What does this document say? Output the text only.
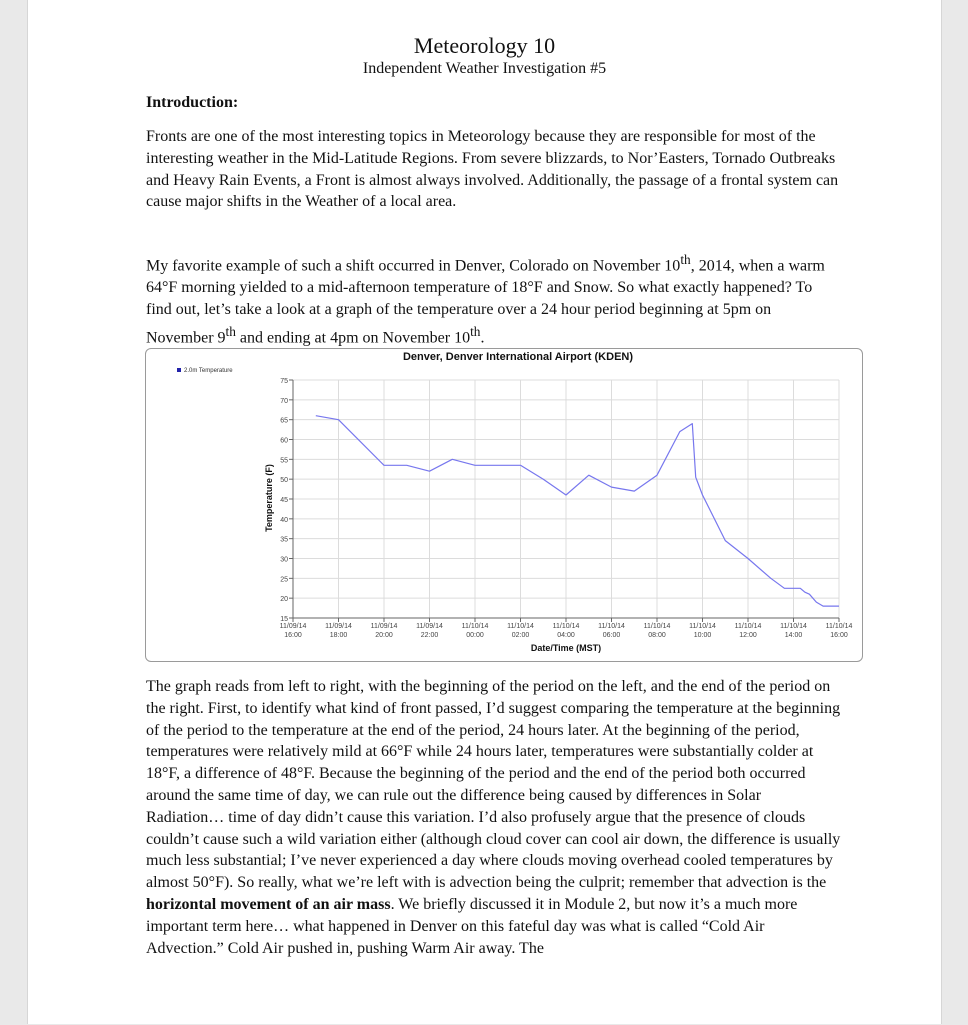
Meteorology 10
Independent Weather Investigation #5
Introduction:

Fronts are one of the most interesting topics in Meteorology because they are responsible for most of the interesting weather in the Mid-Latitude Regions. From severe blizzards, to Nor’Easters, Tornado Outbreaks and Heavy Rain Events, a Front is almost always involved. Additionally, the passage of a frontal system can cause major shifts in the Weather of a local area.

My favorite example of such a shift occurred in Denver, Colorado on November 10th, 2014, when a warm 64°F morning yielded to a mid-afternoon temperature of 18°F and Snow. So what exactly happened? To find out, let’s take a look at a graph of the temperature over a 24 hour period beginning at 5pm on November 9th and ending at 4pm on November 10th.

2.0m Temperature
Denver, Denver International Airport (KDEN)
Date/Time (MST)
Temperature (F)
15
20
25
30
35
40
45
50
55
60
65
70
75
11/09/14
16:00
11/09/14
18:00
11/09/14
20:00
11/09/14
22:00
11/10/14
00:00
11/10/14
02:00
11/10/14
04:00
11/10/14
06:00
11/10/14
08:00
11/10/14
10:00
11/10/14
12:00
11/10/14
14:00
11/10/14
16:00

The graph reads from left to right, with the beginning of the period on the left, and the end of the period on the right. First, to identify what kind of front passed, I’d suggest comparing the temperature at the beginning of the period to the temperature at the end of the period, 24 hours later. At the beginning of the period, temperatures were relatively mild at 66°F while 24 hours later, temperatures were substantially colder at 18°F, a difference of 48°F. Because the beginning of the period and the end of the period both occurred around the same time of day, we can rule out the difference being caused by differences in Solar Radiation… time of day didn’t cause this variation. I’d also profusely argue that the presence of clouds couldn’t cause such a wild variation either (although cloud cover can cool air down, the difference is usually much less substantial; I’ve never experienced a day where clouds moving overhead cooled temperatures by almost 50°F). So really, what we’re left with is advection being the culprit; remember that advection is the horizontal movement of an air mass. We briefly discussed it in Module 2, but now it’s a much more important term here… what happened in Denver on this fateful day was what is called “Cold Air Advection.” Cold Air pushed in, pushing Warm Air away. The
